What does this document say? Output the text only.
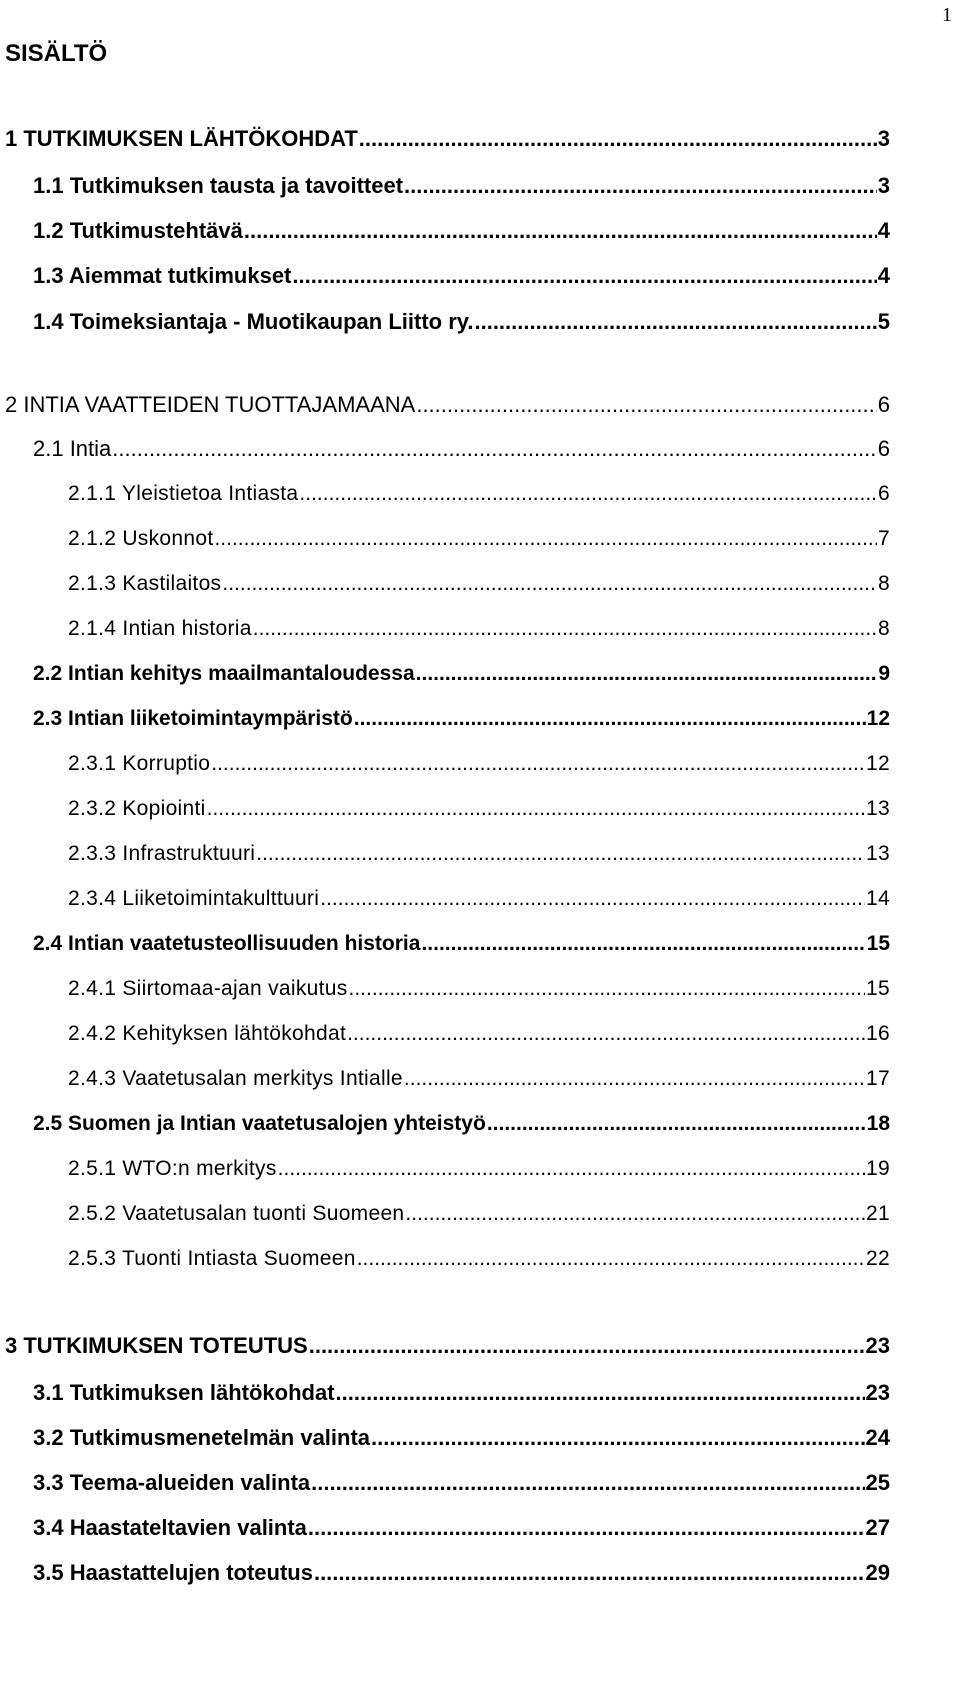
1
SISÄLTÖ
1 TUTKIMUKSEN LÄHTÖKOHDAT .....	3
1.1 Tutkimuksen tausta ja tavoitteet .....	3
1.2 Tutkimustehtävä .....	4
1.3 Aiemmat tutkimukset .....	4
1.4 Toimeksiantaja - Muotikaupan Liitto ry. .....	5
2 INTIA VAATTEIDEN TUOTTAJAMAANA .....	6
2.1 Intia .....	6
2.1.1 Yleistietoa Intiasta .....	6
2.1.2 Uskonnot .....	7
2.1.3 Kastilaitos .....	8
2.1.4 Intian historia .....	8
2.2 Intian kehitys maailmantaloudessa .....	9
2.3 Intian liiketoimintaympäristö .....	12
2.3.1 Korruptio .....	12
2.3.2 Kopiointi .....	13
2.3.3 Infrastruktuuri .....	13
2.3.4 Liiketoimintakulttuuri .....	14
2.4 Intian vaatetusteollisuuden historia .....	15
2.4.1 Siirtomaa-ajan vaikutus .....	15
2.4.2 Kehityksen lähtökohdat .....	16
2.4.3 Vaatetusalan merkitys Intialle .....	17
2.5 Suomen ja Intian vaatetusalojen yhteistyö .....	18
2.5.1 WTO:n merkitys .....	19
2.5.2 Vaatetusalan tuonti Suomeen .....	21
2.5.3 Tuonti Intiasta Suomeen .....	22
3 TUTKIMUKSEN TOTEUTUS .....	23
3.1 Tutkimuksen lähtökohdat .....	23
3.2 Tutkimusmenetelmän valinta .....	24
3.3 Teema-alueiden valinta .....	25
3.4 Haastateltavien valinta .....	27
3.5 Haastattelujen toteutus .....	29
